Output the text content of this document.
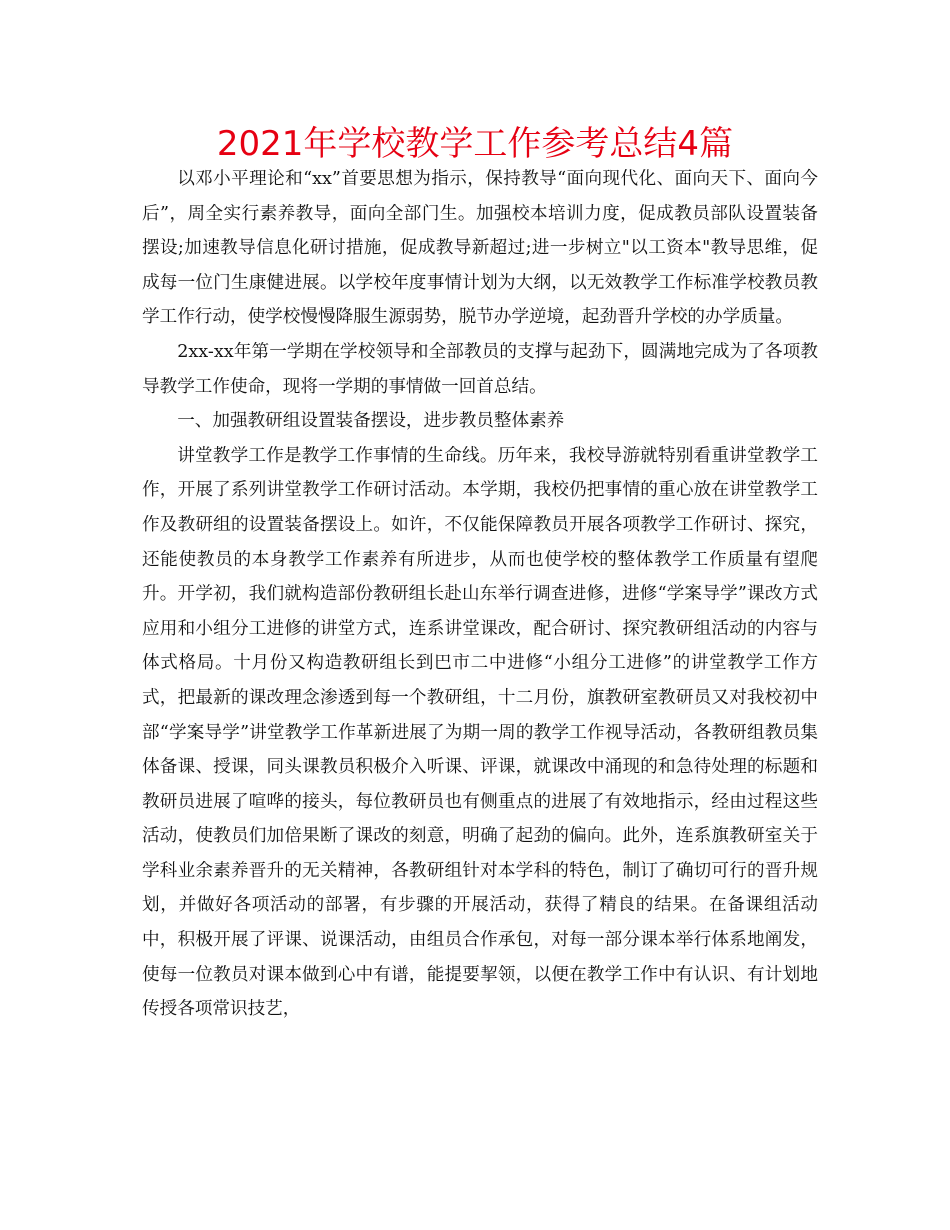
2021年学校教学工作参考总结4篇

以邓小平理论和“xx”首要思想为指示，保持教导“面向现代化、面向天下、面向今后”，周全实行素养教导，面向全部门生。加强校本培训力度，促成教员部队设置装备摆设;加速教导信息化研讨措施，促成教导新超过;进一步树立"以工资本"教导思维，促成每一位门生康健进展。以学校年度事情计划为大纲，以无效教学工作标准学校教员教学工作行动，使学校慢慢降服生源弱势，脱节办学逆境，起劲晋升学校的办学质量。

2xx-xx年第一学期在学校领导和全部教员的支撑与起劲下，圆满地完成为了各项教导教学工作使命，现将一学期的事情做一回首总结。

一、加强教研组设置装备摆设，进步教员整体素养

讲堂教学工作是教学工作事情的生命线。历年来，我校导游就特别看重讲堂教学工作，开展了系列讲堂教学工作研讨活动。本学期，我校仍把事情的重心放在讲堂教学工作及教研组的设置装备摆设上。如许，不仅能保障教员开展各项教学工作研讨、探究，还能使教员的本身教学工作素养有所进步，从而也使学校的整体教学工作质量有望爬升。开学初，我们就构造部份教研组长赴山东举行调查进修，进修“学案导学”课改方式应用和小组分工进修的讲堂方式，连系讲堂课改，配合研讨、探究教研组活动的内容与体式格局。十月份又构造教研组长到巴市二中进修“小组分工进修”的讲堂教学工作方式，把最新的课改理念渗透到每一个教研组，十二月份，旗教研室教研员又对我校初中部“学案导学”讲堂教学工作革新进展了为期一周的教学工作视导活动，各教研组教员集体备课、授课，同头课教员积极介入听课、评课，就课改中涌现的和急待处理的标题和教研员进展了喧哗的接头，每位教研员也有侧重点的进展了有效地指示，经由过程这些活动，使教员们加倍果断了课改的刻意，明确了起劲的偏向。此外，连系旗教研室关于学科业余素养晋升的无关精神，各教研组针对本学科的特色，制订了确切可行的晋升规划，并做好各项活动的部署，有步骤的开展活动，获得了精良的结果。在备课组活动中，积极开展了评课、说课活动，由组员合作承包，对每一部分课本举行体系地阐发，使每一位教员对课本做到心中有谱，能提要挈领，以便在教学工作中有认识、有计划地传授各项常识技艺，
